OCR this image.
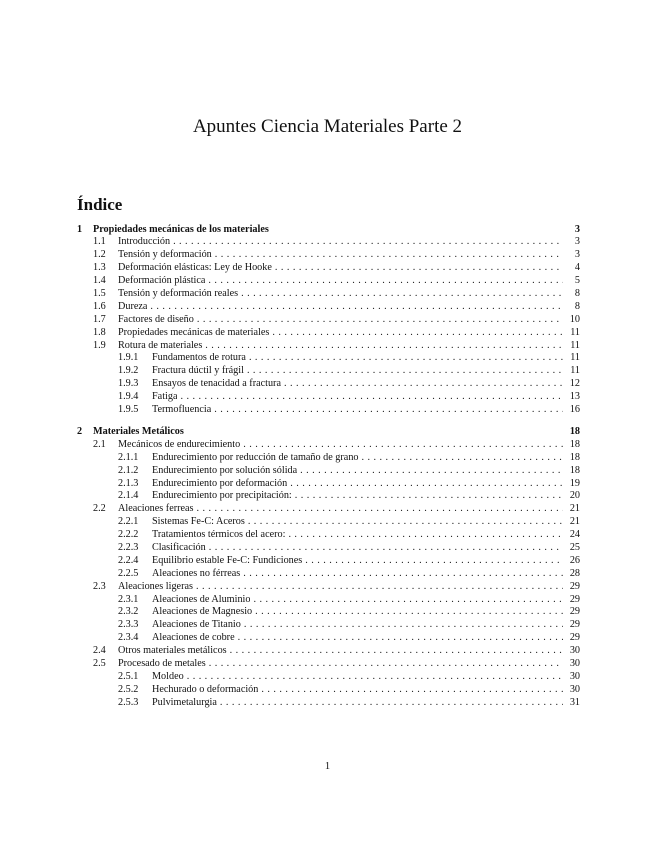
Apuntes Ciencia Materiales Parte 2
Índice
1	Propiedades mecánicas de los materiales	3
1.1	Introducción . . .	3
1.2	Tensión y deformación . . .	3
1.3	Deformación elásticas: Ley de Hooke . . .	4
1.4	Deformación plástica . . .	5
1.5	Tensión y deformación reales . . .	8
1.6	Dureza . . .	8
1.7	Factores de diseño . . .	10
1.8	Propiedades mecánicas de materiales . . .	11
1.9	Rotura de materiales . . .	11
1.9.1	Fundamentos de rotura . . .	11
1.9.2	Fractura dúctil y frágil . . .	11
1.9.3	Ensayos de tenacidad a fractura . . .	12
1.9.4	Fatiga . . .	13
1.9.5	Termofluencia . . .	16
2	Materiales Metálicos	18
2.1	Mecánicos de endurecimiento . . .	18
2.1.1	Endurecimiento por reducción de tamaño de grano . . .	18
2.1.2	Endurecimiento por solución sólida . . .	18
2.1.3	Endurecimiento por deformación . . .	19
2.1.4	Endurecimiento por precipitación: . . .	20
2.2	Aleaciones ferreas . . .	21
2.2.1	Sistemas Fe-C: Aceros . . .	21
2.2.2	Tratamientos térmicos del acero: . . .	24
2.2.3	Clasificación . . .	25
2.2.4	Equilibrio estable Fe-C: Fundiciones . . .	26
2.2.5	Aleaciones no férreas . . .	28
2.3	Aleaciones ligeras . . .	29
2.3.1	Aleaciones de Aluminio . . .	29
2.3.2	Aleaciones de Magnesio . . .	29
2.3.3	Aleaciones de Titanio . . .	29
2.3.4	Aleaciones de cobre . . .	29
2.4	Otros materiales metálicos . . .	30
2.5	Procesado de metales . . .	30
2.5.1	Moldeo . . .	30
2.5.2	Hechurado o deformación . . .	30
2.5.3	Pulvimetalurgia . . .	31
1
